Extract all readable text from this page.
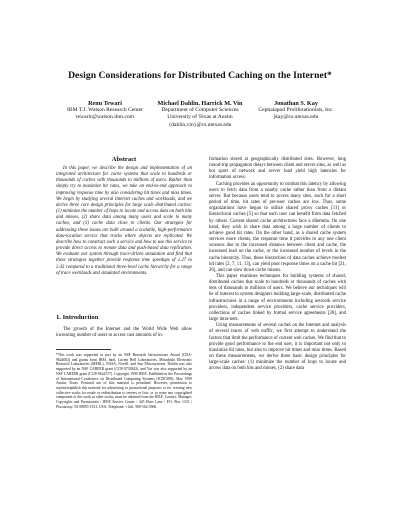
Design Considerations for Distributed Caching on the Internet*
Renu Tewari
IBM T.J. Watson Research Center
tewarir@watson.ibm.com
Michael Dahlin, Harrick M. Vin
Department of Computer Sciences
University of Texas at Austin
{dahlin,vin}@cs.utexas.edu
Jonathan S. Kay
Cephalapod Proliferationists, Inc.
jkay@cs.utexas.edu
Abstract

In this paper, we describe the design and implementation of an integrated architecture for cache systems that scale to hundreds or thousands of caches with thousands to millions of users. Rather than simply try to maximize hit rates, we take an end-to-end approach to improving response time by also considering hit times and miss times. We begin by studying several Internet caches and workloads, and we derive three core design principles for large scale distributed caches: (1) minimize the number of hops to locate and access data on both hits and misses, (2) share data among many users and scale to many caches, and (3) cache data close to clients. Our strategies for addressing these issues are built around a scalable, high-performance data-location service that tracks where objects are replicated. We describe how to construct such a service and how to use this service to provide direct access to remote data and push-based data replication. We evaluate our system through trace-driven simulation and find that these strategies together provide response time speedups of 1.27 to 2.43 compared to a traditional three-level cache hierarchy for a range of trace workloads and simulated environments.

1. Introduction

The growth of the Internet and the World Wide Web allow increasing number of users to access vast amounts of in-

*This work was supported in part by an NSF Research Infrastructure Award (CDA-9624082) and grants from IBM, Intel, Lucent Bell Laboratories, Mitsubishi Electronic Research Laboratories (MERL), NASA, Novell, and Sun Microsystems. Dahlin was also supported by an NSF CAREER grant (CCR-9733842), and Vin was also supported by an NSF CAREER grant (CCR-9624757). Copyright 1999 IEEE. Published in the Proceedings of International Conference on Distributed Computing Systems (ICDCS99), May 1999 Austin, Texas. Personal use of this material is permitted. However, permission to reprint/republish this material for advertising or promotional purposes or for creating new collective works for resale or redistribution to servers or lists, or to reuse any copyrighted component of this work in other works, must be obtained from the IEEE. Contact: Manager, Copyrights and Permissions / IEEE Service Center / 445 Hoes Lane / P.O. Box 1331 / Piscataway, NJ 08855-1331, USA. Telephone: + Intl. 908-562-3966.

formation stored at geographically distributed sites. However, long round-trip propagation delays between client and server sites, as well as hot spots of network and server load yield high latencies for information access.

Caching provides an opportunity to combat this latency by allowing users to fetch data from a nearby cache rather than from a distant server. But because users tend to access many sites, each for a short period of time, hit rates of per-user caches are low. Thus, some organizations have begun to utilize shared proxy caches [11] or hierarchical caches [5] so that each user can benefit from data fetched by others. Current shared cache architectures face a dilemma. On one hand, they wish to share data among a large number of clients to achieve good hit rates. On the other hand, as a shared cache system services more clients, the response time it provides to any one client worsens due to the increased distance between client and cache, the increased load on the cache, or the increased number of levels in the cache hierarchy. Thus, these hierarchies of data caches achieve modest hit rates [2, 7, 11, 13], can yield poor response times on a cache hit [21, 26], and can slow down cache misses.

This paper examines techniques for building systems of shared, distributed caches that scale to hundreds or thousands of caches with tens of thousands to millions of users. We believe our techniques will be of interest to system designers building large-scale, distributed cache infrastructures in a range of environments including network service providers, independent service providers, cache service providers, collections of caches linked by formal service agreements [28], and large intra-nets.

Using measurements of several caches on the Internet and analysis of several traces of web traffic, we first attempt to understand the factors that limit the performance of current web caches. We find that to provide good performance to the end user, it is important not only to maximize hit rates, but also to improve hit times and miss times. Based on these measurements, we derive three basic design principles for large-scale caches: (1) minimize the number of hops to locate and access data on both hits and misses, (2) share data
